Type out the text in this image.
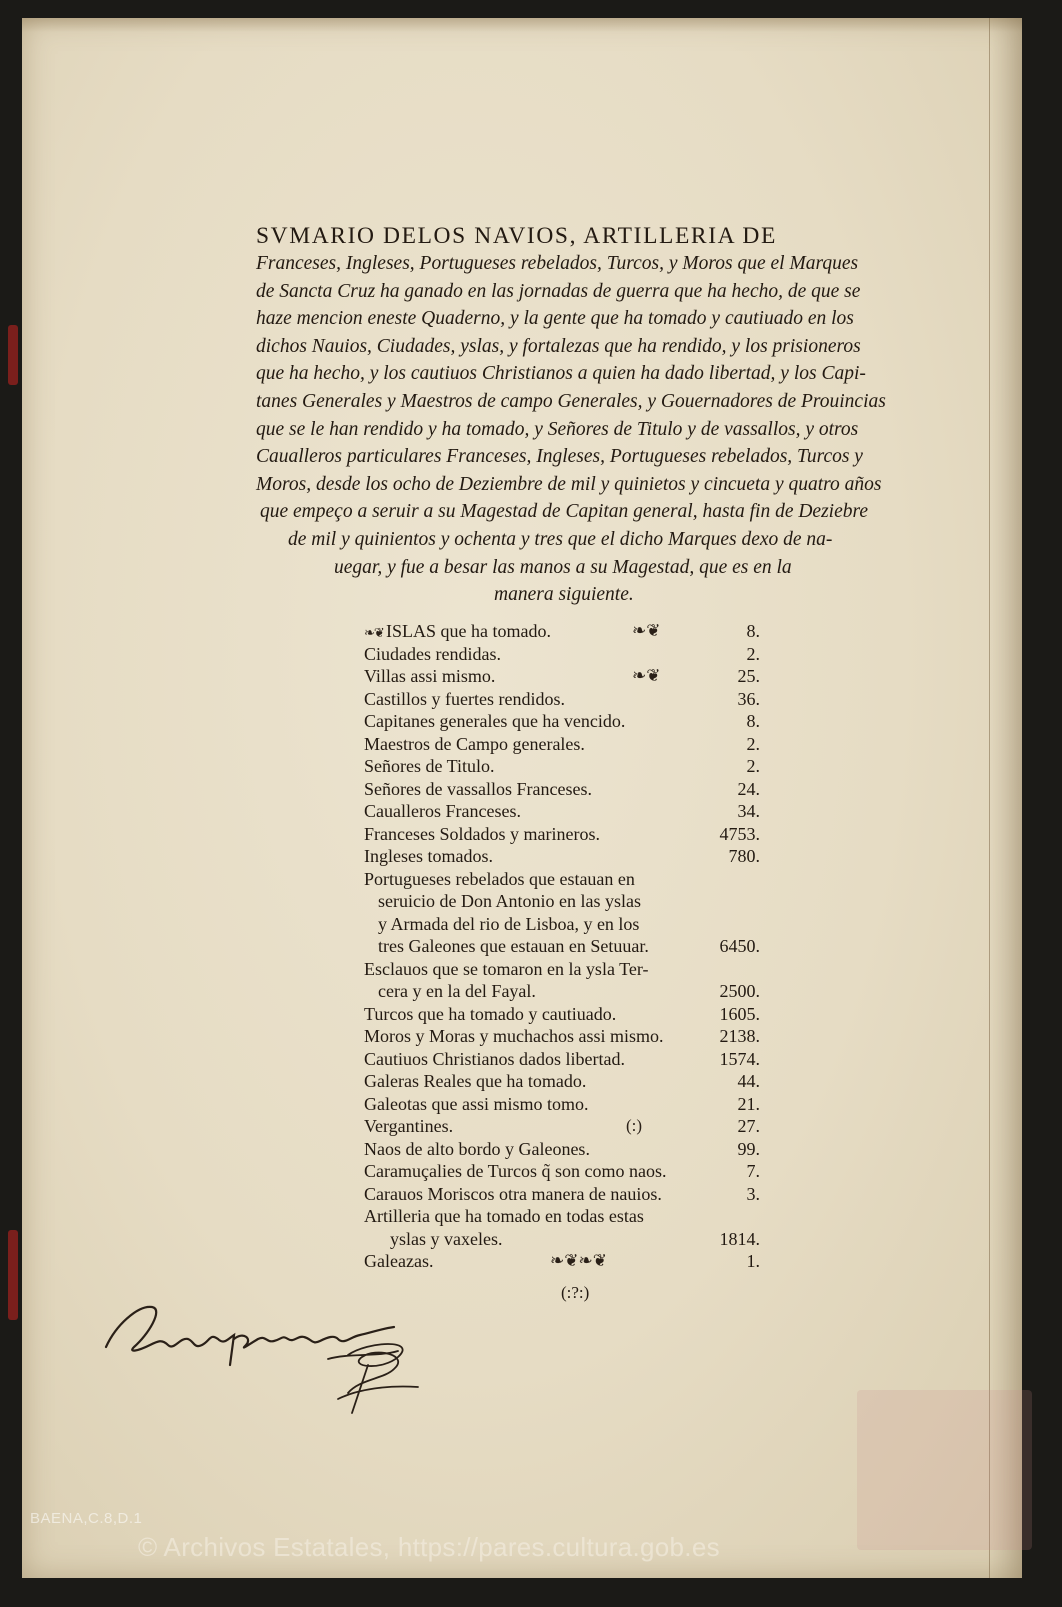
SVMARIO DELOS NAVIOS, ARTILLERIA DE
Franceses, Ingleses, Portugueses rebelados, Turcos, y Moros que el Marques
de Sancta Cruz ha ganado en las jornadas de guerra que ha hecho, de que se
haze mencion eneste Quaderno, y la gente que ha tomado y cautiuado en los
dichos Nauios, Ciudades, yslas, y fortalezas que ha rendido, y los prisioneros
que ha hecho, y los cautiuos Christianos a quien ha dado libertad, y los Capi-
tanes Generales y Maestros de campo Generales, y Gouernadores de Prouincias
que se le han rendido y ha tomado, y Señores de Titulo y de vassallos, y otros
Caualleros particulares Franceses, Ingleses, Portugueses rebelados, Turcos y
Moros, desde los ocho de Deziembre de mil y quinietos y cincueta y quatro años
que empeço a seruir a su Magestad de Capitan general, hasta fin de Deziebre
de mil y quinientos y ochenta y tres que el dicho Marques dexo de na-
uegar, y fue a besar las manos a su Magestad, que es en la
manera siguiente.
❧❦ ISLAS que ha tomado.	❧❦	8.
Ciudades rendidas.	2.
Villas assi mismo.	❧❦	25.
Castillos y fuertes rendidos.	36.
Capitanes generales que ha vencido.	8.
Maestros de Campo generales.	2.
Señores de Titulo.	2.
Señores de vassallos Franceses.	24.
Caualleros Franceses.	34.
Franceses Soldados y marineros.	4753.
Ingleses tomados.	780.
Portugueses rebelados que estauan en
seruicio de Don Antonio en las yslas
y Armada del rio de Lisboa, y en los
tres Galeones que estauan en Setuuar.	6450.
Esclauos que se tomaron en la ysla Ter-
cera y en la del Fayal.	2500.
Turcos que ha tomado y cautiuado.	1605.
Moros y Moras y muchachos assi mismo.	2138.
Cautiuos Christianos dados libertad.	1574.
Galeras Reales que ha tomado.	44.
Galeotas que assi mismo tomo.	21.
Vergantines.	(:)	27.
Naos de alto bordo y Galeones.	99.
Caramuçalies de Turcos q̃ son como naos.	7.
Carauos Moriscos otra manera de nauios.	3.
Artilleria que ha tomado en todas estas
yslas y vaxeles.	1814.
Galeazas.	❧❦❧❦	1.
(:?:)
BAENA,C.8,D.1
© Archivos Estatales, https://pares.cultura.gob.es
